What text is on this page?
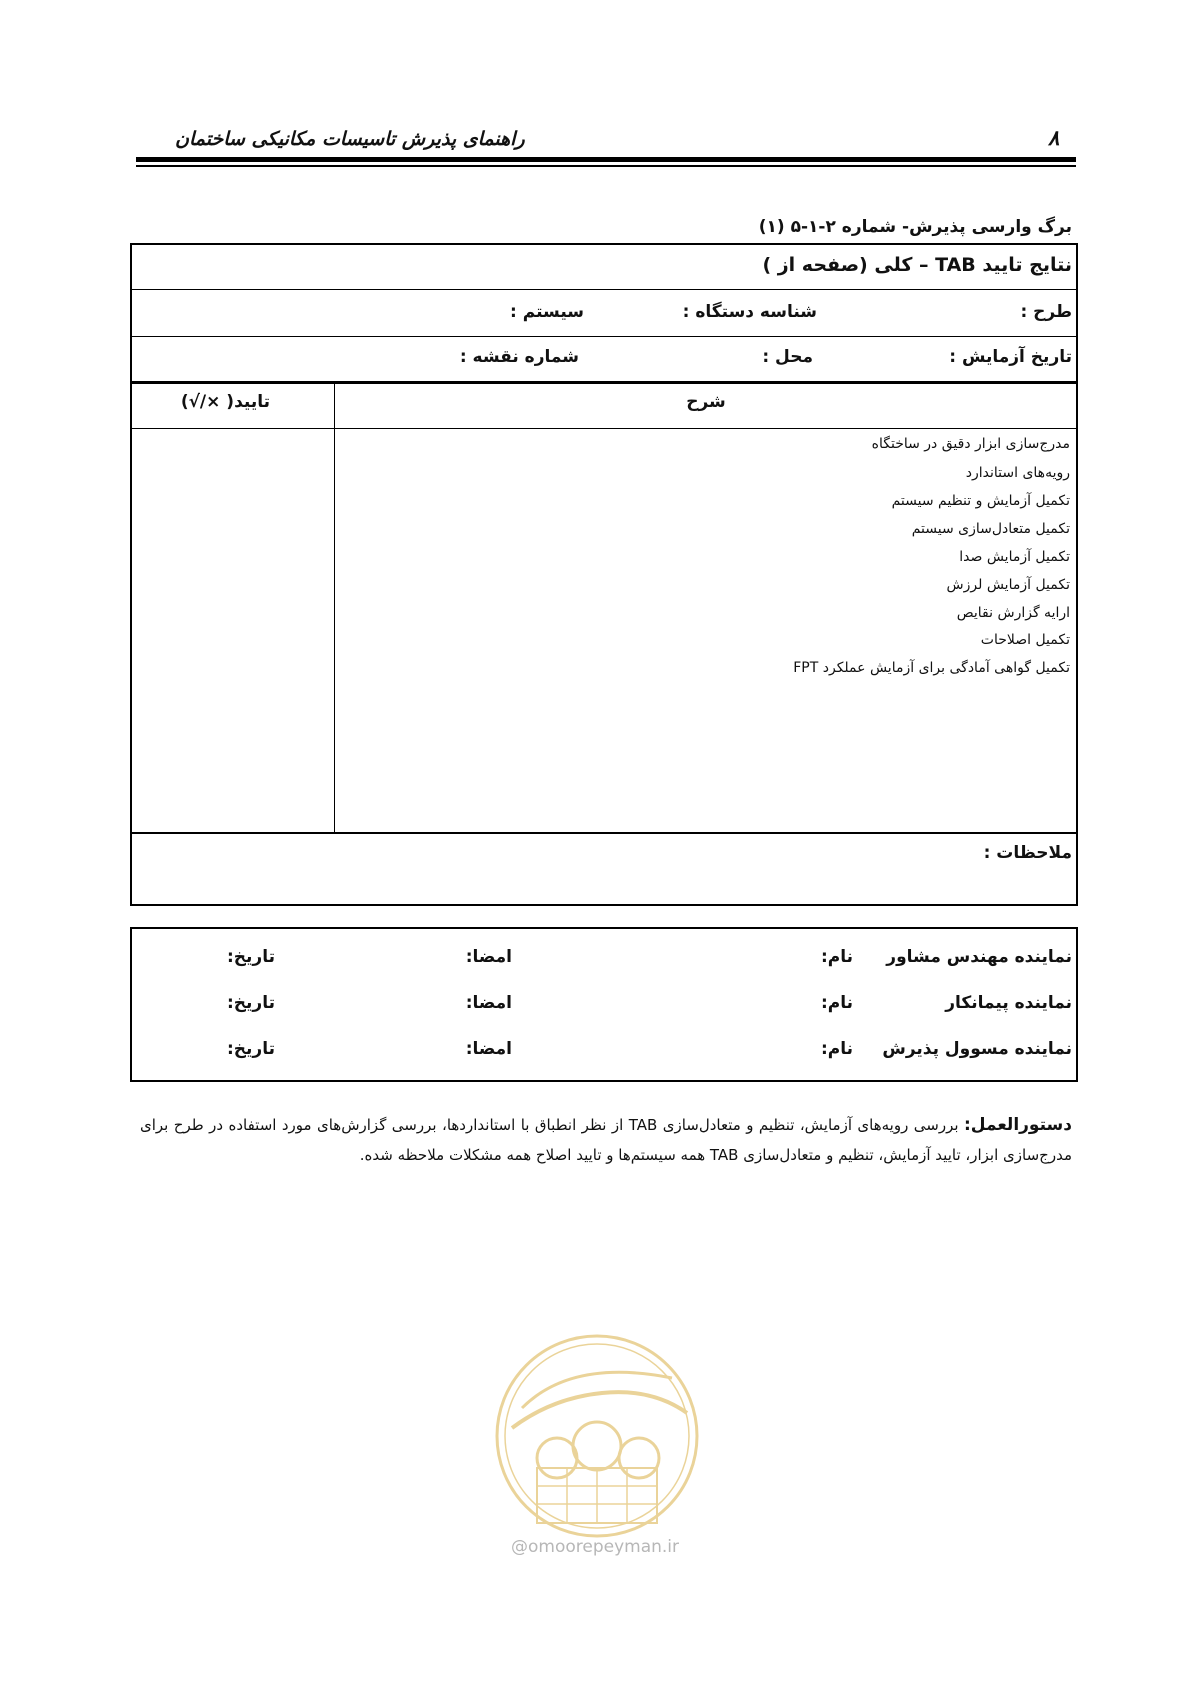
راهنمای پذیرش تاسیسات مکانیکی ساختمان	۸
برگ وارسی پذیرش- شماره ۲-۱-۵ (۱)
نتایج تایید TAB – کلی (صفحه از )
طرح :
شناسه دستگاه :
سیستم :
تاریخ آزمایش :
محل :
شماره نقشه :
شرح
تایید( ×/√)
مدرج‌سازی ابزار دقیق در ساختگاه
رویه‌های استاندارد
تکمیل آزمایش و تنظیم سیستم
تکمیل متعادل‌سازی سیستم
تکمیل آزمایش صدا
تکمیل آزمایش لرزش
ارایه گزارش نقایص
تکمیل اصلاحات
تکمیل گواهی آمادگی برای آزمایش عملکرد FPT
ملاحظات :
نماینده مهندس مشاور
نام:
امضا:
تاریخ:
نماینده پیمانکار
نام:
امضا:
تاریخ:
نماینده مسوول پذیرش
نام:
امضا:
تاریخ:
دستورالعمل: بررسی رویه‌های آزمایش، تنظیم و متعادل‌سازی TAB از نظر انطباق با استانداردها، بررسی گزارش‌های مورد استفاده در طرح برای مدرج‌سازی ابزار، تایید آزمایش، تنظیم و متعادل‌سازی TAB همه سیستم‌ها و تایید اصلاح همه مشکلات ملاحظه شده.
@omoorepeyman.ir
